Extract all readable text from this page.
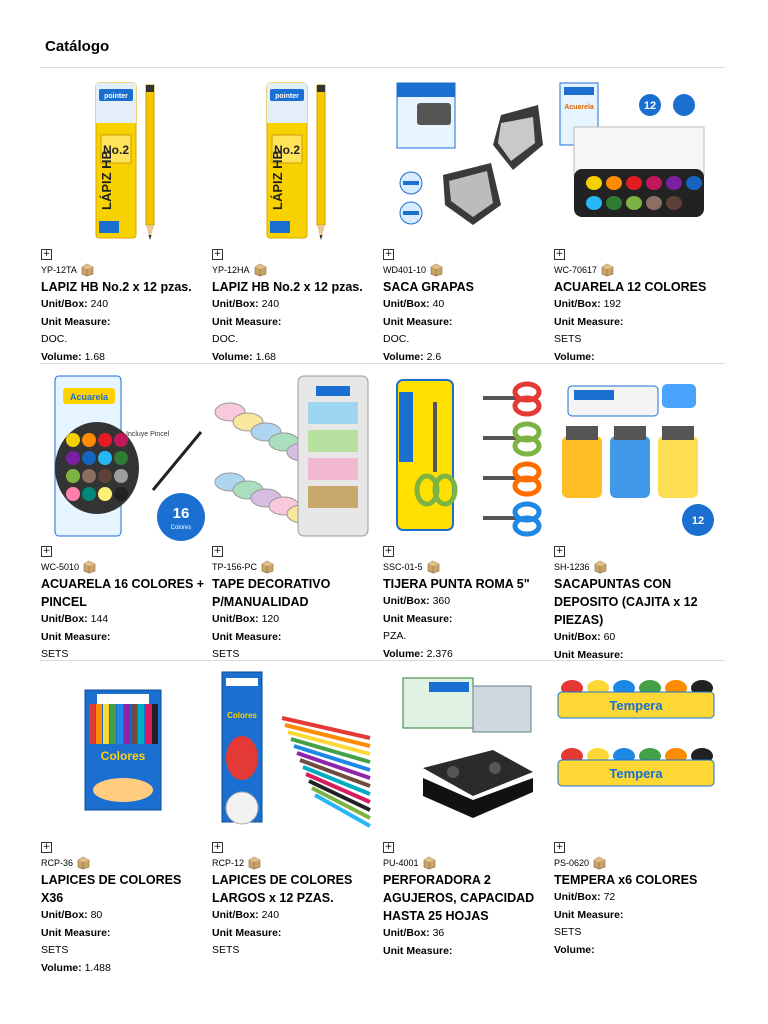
Catálogo
pointer
No.2
LÁPIZ HB
+
YP-12TA
LAPIZ HB No.2 x 12 pzas.
Unit/Box: 240
Unit Measure:
DOC.
Volume: 1.68
pointer
No.2
LÁPIZ HB
+
YP-12HA
LAPIZ HB No.2 x 12 pzas.
Unit/Box: 240
Unit Measure:
DOC.
Volume: 1.68
+
WD401-10
SACA GRAPAS
Unit/Box: 40
Unit Measure:
DOC.
Volume: 2.6
Acuarela	12
+
WC-70617
ACUARELA 12 COLORES
Unit/Box: 192
Unit Measure:
SETS
Volume:
Acuarela
Incluye Pincel
16
Colores
+
WC-5010
ACUARELA 16 COLORES + PINCEL
Unit/Box: 144
Unit Measure:
SETS
+
TP-156-PC
TAPE DECORATIVO P/MANUALIDAD
Unit/Box: 120
Unit Measure:
SETS
+
SSC-01-5
TIJERA PUNTA ROMA 5"
Unit/Box: 360
Unit Measure:
PZA.
Volume: 2.376
12
+
SH-1236
SACAPUNTAS CON DEPOSITO (CAJITA x 12 PIEZAS)
Unit/Box: 60
Unit Measure:
Colores
+
RCP-36
LAPICES DE COLORES X36
Unit/Box: 80
Unit Measure:
SETS
Volume: 1.488
Colores
+
RCP-12
LAPICES DE COLORES LARGOS x 12 PZAS.
Unit/Box: 240
Unit Measure:
SETS
+
PU-4001
PERFORADORA 2 AGUJEROS, CAPACIDAD HASTA 25 HOJAS
Unit/Box: 36
Unit Measure:
Tempera
Tempera
+
PS-0620
TEMPERA x6 COLORES
Unit/Box: 72
Unit Measure:
SETS
Volume:
